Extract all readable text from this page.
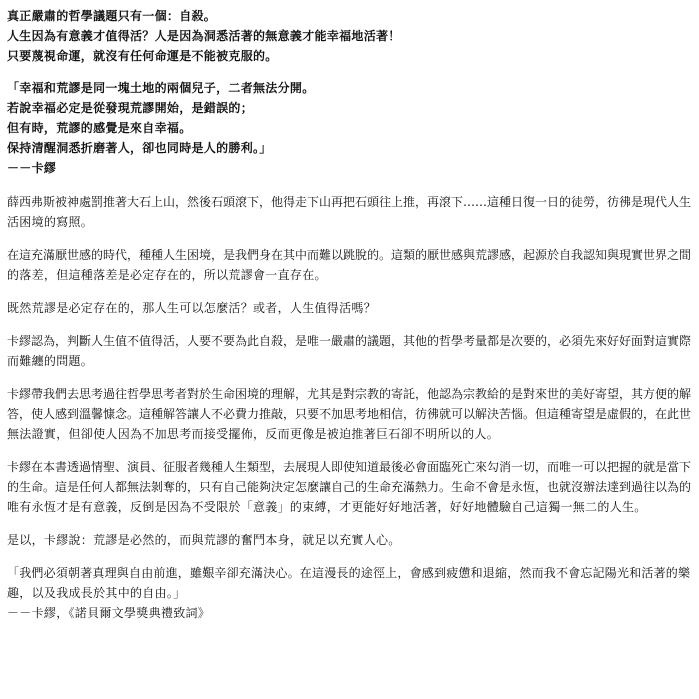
真正嚴肅的哲學議題只有一個：自殺。
人生因為有意義才值得活？人是因為洞悉活著的無意義才能幸福地活著！
只要蔑視命運，就沒有任何命運是不能被克服的。
「幸福和荒謬是同一塊土地的兩個兒子，二者無法分開。
若說幸福必定是從發現荒謬開始，是錯誤的；
但有時，荒謬的感覺是來自幸福。
保持清醒洞悉折磨著人，卻也同時是人的勝利。」
－－卡繆
薛西弗斯被神處罰推著大石上山，然後石頭滾下，他得走下山再把石頭往上推，再滾下……這種日復一日的徒勞，彷彿是現代人生
活困境的寫照。
在這充滿厭世感的時代，種種人生困境，是我們身在其中而難以跳脫的。這類的厭世感與荒謬感，起源於自我認知與現實世界之間
的落差，但這種落差是必定存在的，所以荒謬會一直存在。
既然荒謬是必定存在的，那人生可以怎麼活？或者，人生值得活嗎？
卡繆認為，判斷人生值不值得活，人要不要為此自殺，是唯一嚴肅的議題，其他的哲學考量都是次要的，必須先來好好面對這實際
而難纏的問題。
卡繆帶我們去思考過往哲學思考者對於生命困境的理解，尤其是對宗教的寄託，他認為宗教給的是對來世的美好寄望，其方便的解
答，使人感到溫馨慷念。這種解答讓人不必費力推敲，只要不加思考地相信，彷彿就可以解決苦惱。但這種寄望是虛假的，在此世
無法證實，但卻使人因為不加思考而接受擺佈，反而更像是被迫推著巨石卻不明所以的人。
卡繆在本書透過情聖、演員、征服者幾種人生類型，去展現人即使知道最後必會面臨死亡來勾消一切，而唯一可以把握的就是當下
的生命。這是任何人都無法剝奪的，只有自己能夠決定怎麼讓自己的生命充滿熱力。生命不會是永恆，也就沒辦法達到過往以為的
唯有永恆才是有意義，反倒是因為不受限於「意義」的束縛，才更能好好地活著，好好地體驗自己這獨一無二的人生。
是以，卡繆說：荒謬是必然的，而與荒謬的奮鬥本身，就足以充實人心。
「我們必須朝著真理與自由前進，雖艱辛卻充滿決心。在這漫長的途徑上，會感到疲憊和退縮，然而我不會忘記陽光和活著的樂
趣，以及我成長於其中的自由。」
－－卡繆，《諾貝爾文學獎典禮致詞》
